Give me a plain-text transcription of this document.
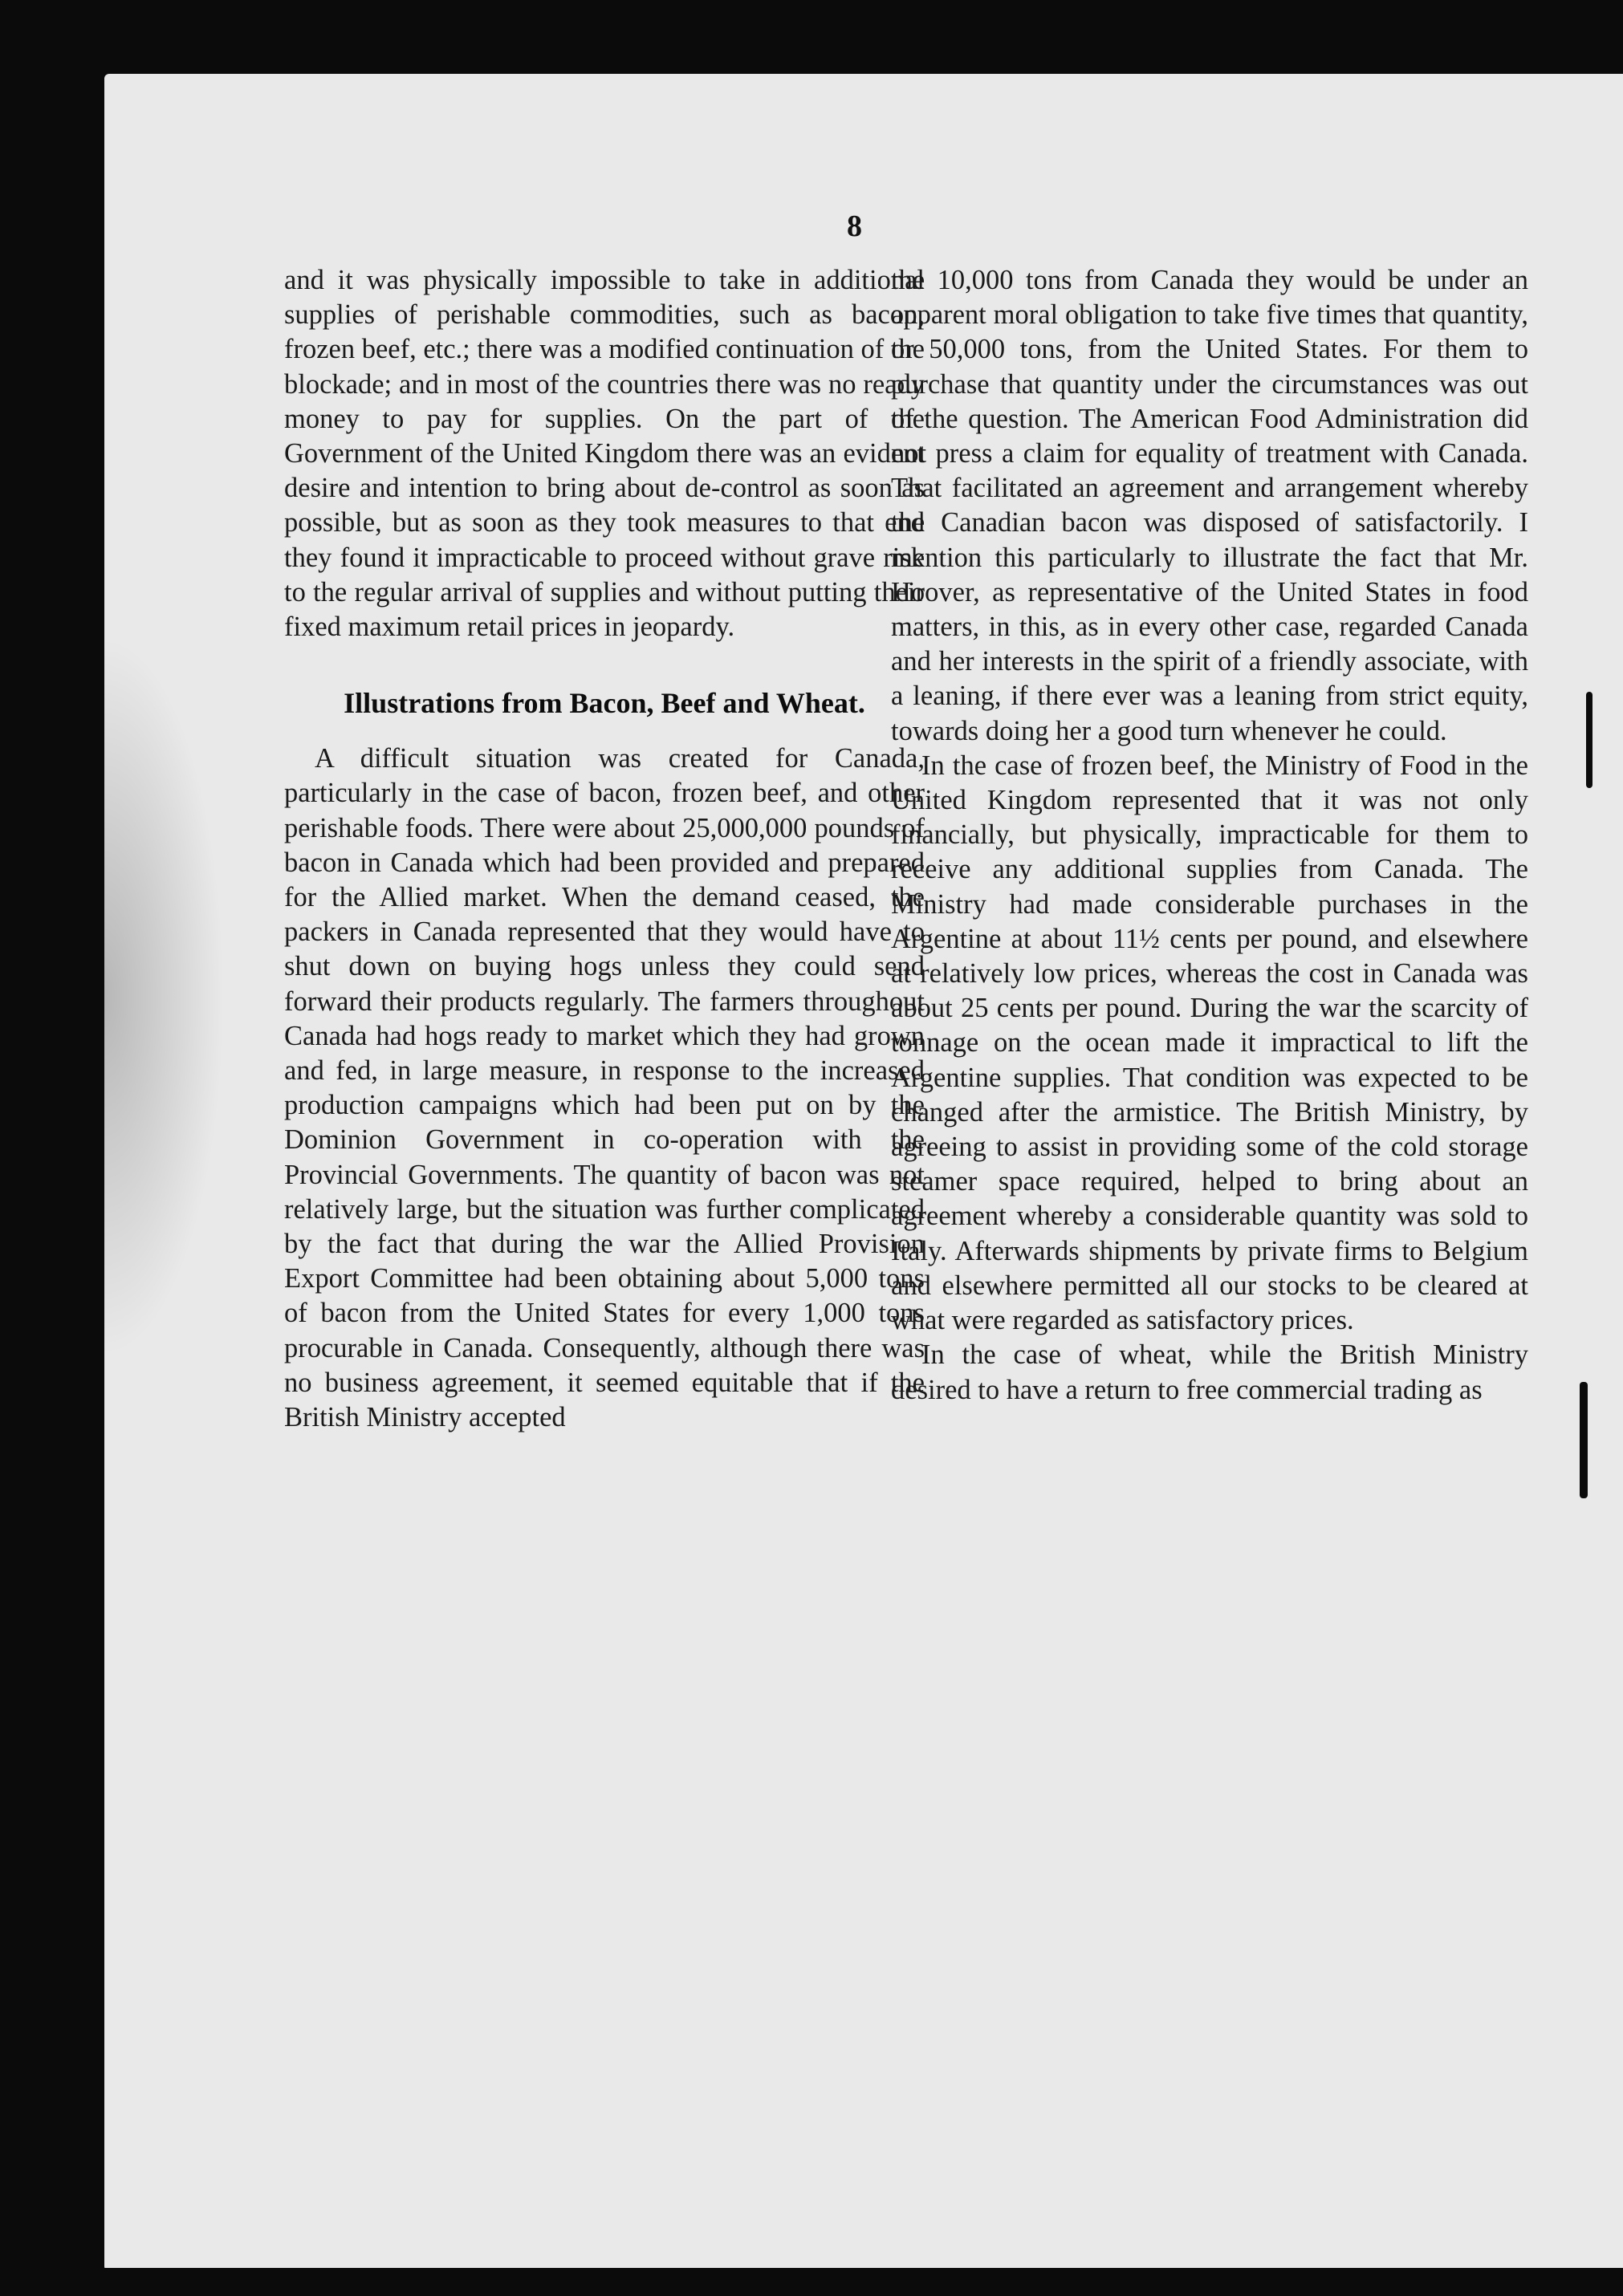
8

and it was physically impossible to take in additional supplies of perishable commodities, such as bacon, frozen beef, etc.; there was a modified continuation of the blockade; and in most of the countries there was no ready money to pay for supplies. On the part of the Government of the United Kingdom there was an evident desire and intention to bring about de-control as soon as possible, but as soon as they took measures to that end they found it impracticable to proceed without grave risk to the regular arrival of supplies and without putting their fixed maximum retail prices in jeopardy.

Illustrations from Bacon, Beef and Wheat.

A difficult situation was created for Canada, particularly in the case of bacon, frozen beef, and other perishable foods. There were about 25,000,000 pounds of bacon in Canada which had been provided and prepared for the Allied market. When the demand ceased, the packers in Canada represented that they would have to shut down on buying hogs unless they could send forward their products regularly. The farmers throughout Canada had hogs ready to market which they had grown and fed, in large measure, in response to the increased production campaigns which had been put on by the Dominion Government in co-operation with the Provincial Governments. The quantity of bacon was not relatively large, but the situation was further complicated by the fact that during the war the Allied Provision Export Committee had been obtaining about 5,000 tons of bacon from the United States for every 1,000 tons procurable in Canada. Consequently, although there was no business agreement, it seemed equitable that if the British Ministry accepted

the 10,000 tons from Canada they would be under an apparent moral obligation to take five times that quantity, or 50,000 tons, from the United States. For them to purchase that quantity under the circumstances was out of the question. The American Food Administration did not press a claim for equality of treatment with Canada. That facilitated an agreement and arrangement whereby the Canadian bacon was disposed of satisfactorily. I mention this particularly to illustrate the fact that Mr. Hoover, as representative of the United States in food matters, in this, as in every other case, regarded Canada and her interests in the spirit of a friendly associate, with a leaning, if there ever was a leaning from strict equity, towards doing her a good turn whenever he could.

In the case of frozen beef, the Ministry of Food in the United Kingdom represented that it was not only financially, but physically, impracticable for them to receive any additional supplies from Canada. The Ministry had made considerable purchases in the Argentine at about 11½ cents per pound, and elsewhere at relatively low prices, whereas the cost in Canada was about 25 cents per pound. During the war the scarcity of tonnage on the ocean made it impractical to lift the Argentine supplies. That condition was expected to be changed after the armistice. The British Ministry, by agreeing to assist in providing some of the cold storage steamer space required, helped to bring about an agreement whereby a considerable quantity was sold to Italy. Afterwards shipments by private firms to Belgium and elsewhere permitted all our stocks to be cleared at what were regarded as satisfactory prices.

In the case of wheat, while the British Ministry desired to have a return to free commercial trading as
